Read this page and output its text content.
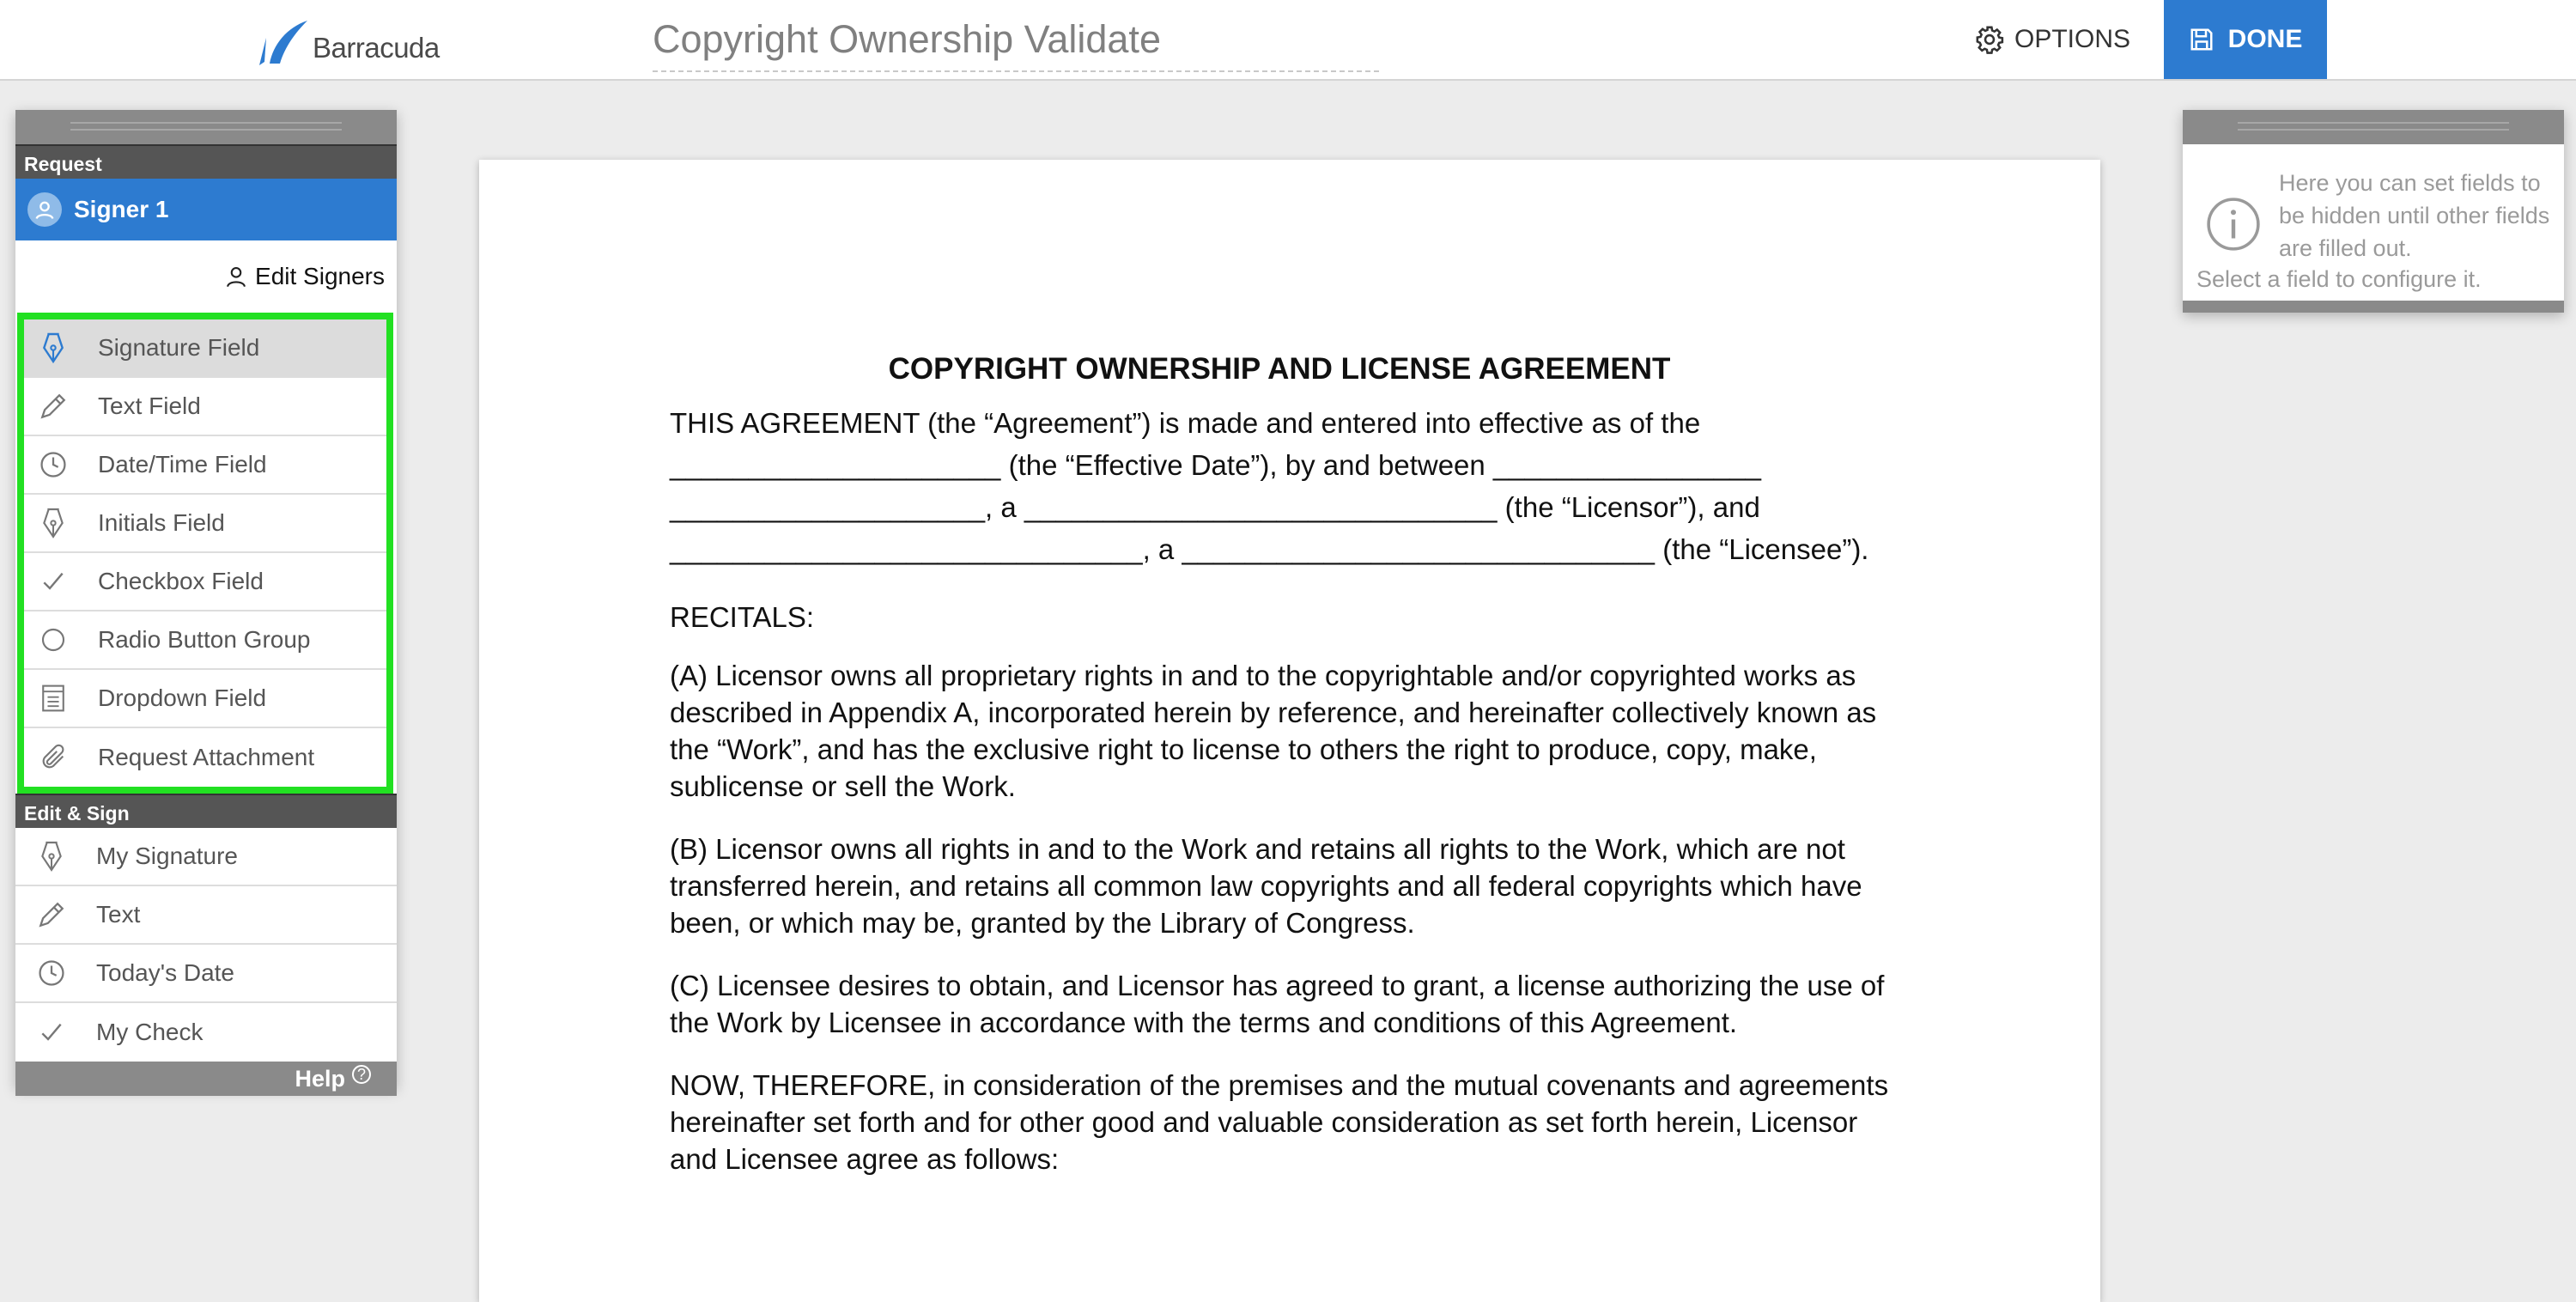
Barracuda	Copyright Ownership Validate	OPTIONS	DONE
Request
Signer 1
Edit Signers
Signature Field
Text Field
Date/Time Field
Initials Field
Checkbox Field
Radio Button Group
Dropdown Field
Request Attachment
Edit & Sign
My Signature
Text
Today's Date
My Check
Help ?
COPYRIGHT OWNERSHIP AND LICENSE AGREEMENT

THIS AGREEMENT (the “Agreement”) is made and entered into effective as of the _____________________ (the “Effective Date”), by and between _________________ ____________________, a ______________________________ (the “Licensor”), and ______________________________, a ______________________________ (the “Licensee”).

RECITALS:

(A) Licensor owns all proprietary rights in and to the copyrightable and/or copyrighted works as described in Appendix A, incorporated herein by reference, and hereinafter collectively known as the “Work”, and has the exclusive right to license to others the right to produce, copy, make, sublicense or sell the Work.

(B) Licensor owns all rights in and to the Work and retains all rights to the Work, which are not transferred herein, and retains all common law copyrights and all federal copyrights which have been, or which may be, granted by the Library of Congress.

(C) Licensee desires to obtain, and Licensor has agreed to grant, a license authorizing the use of the Work by Licensee in accordance with the terms and conditions of this Agreement.

NOW, THEREFORE, in consideration of the premises and the mutual covenants and agreements hereinafter set forth and for other good and valuable consideration as set forth herein, Licensor and Licensee agree as follows:

Here you can set fields to be hidden until other fields are filled out.
Select a field to configure it.
